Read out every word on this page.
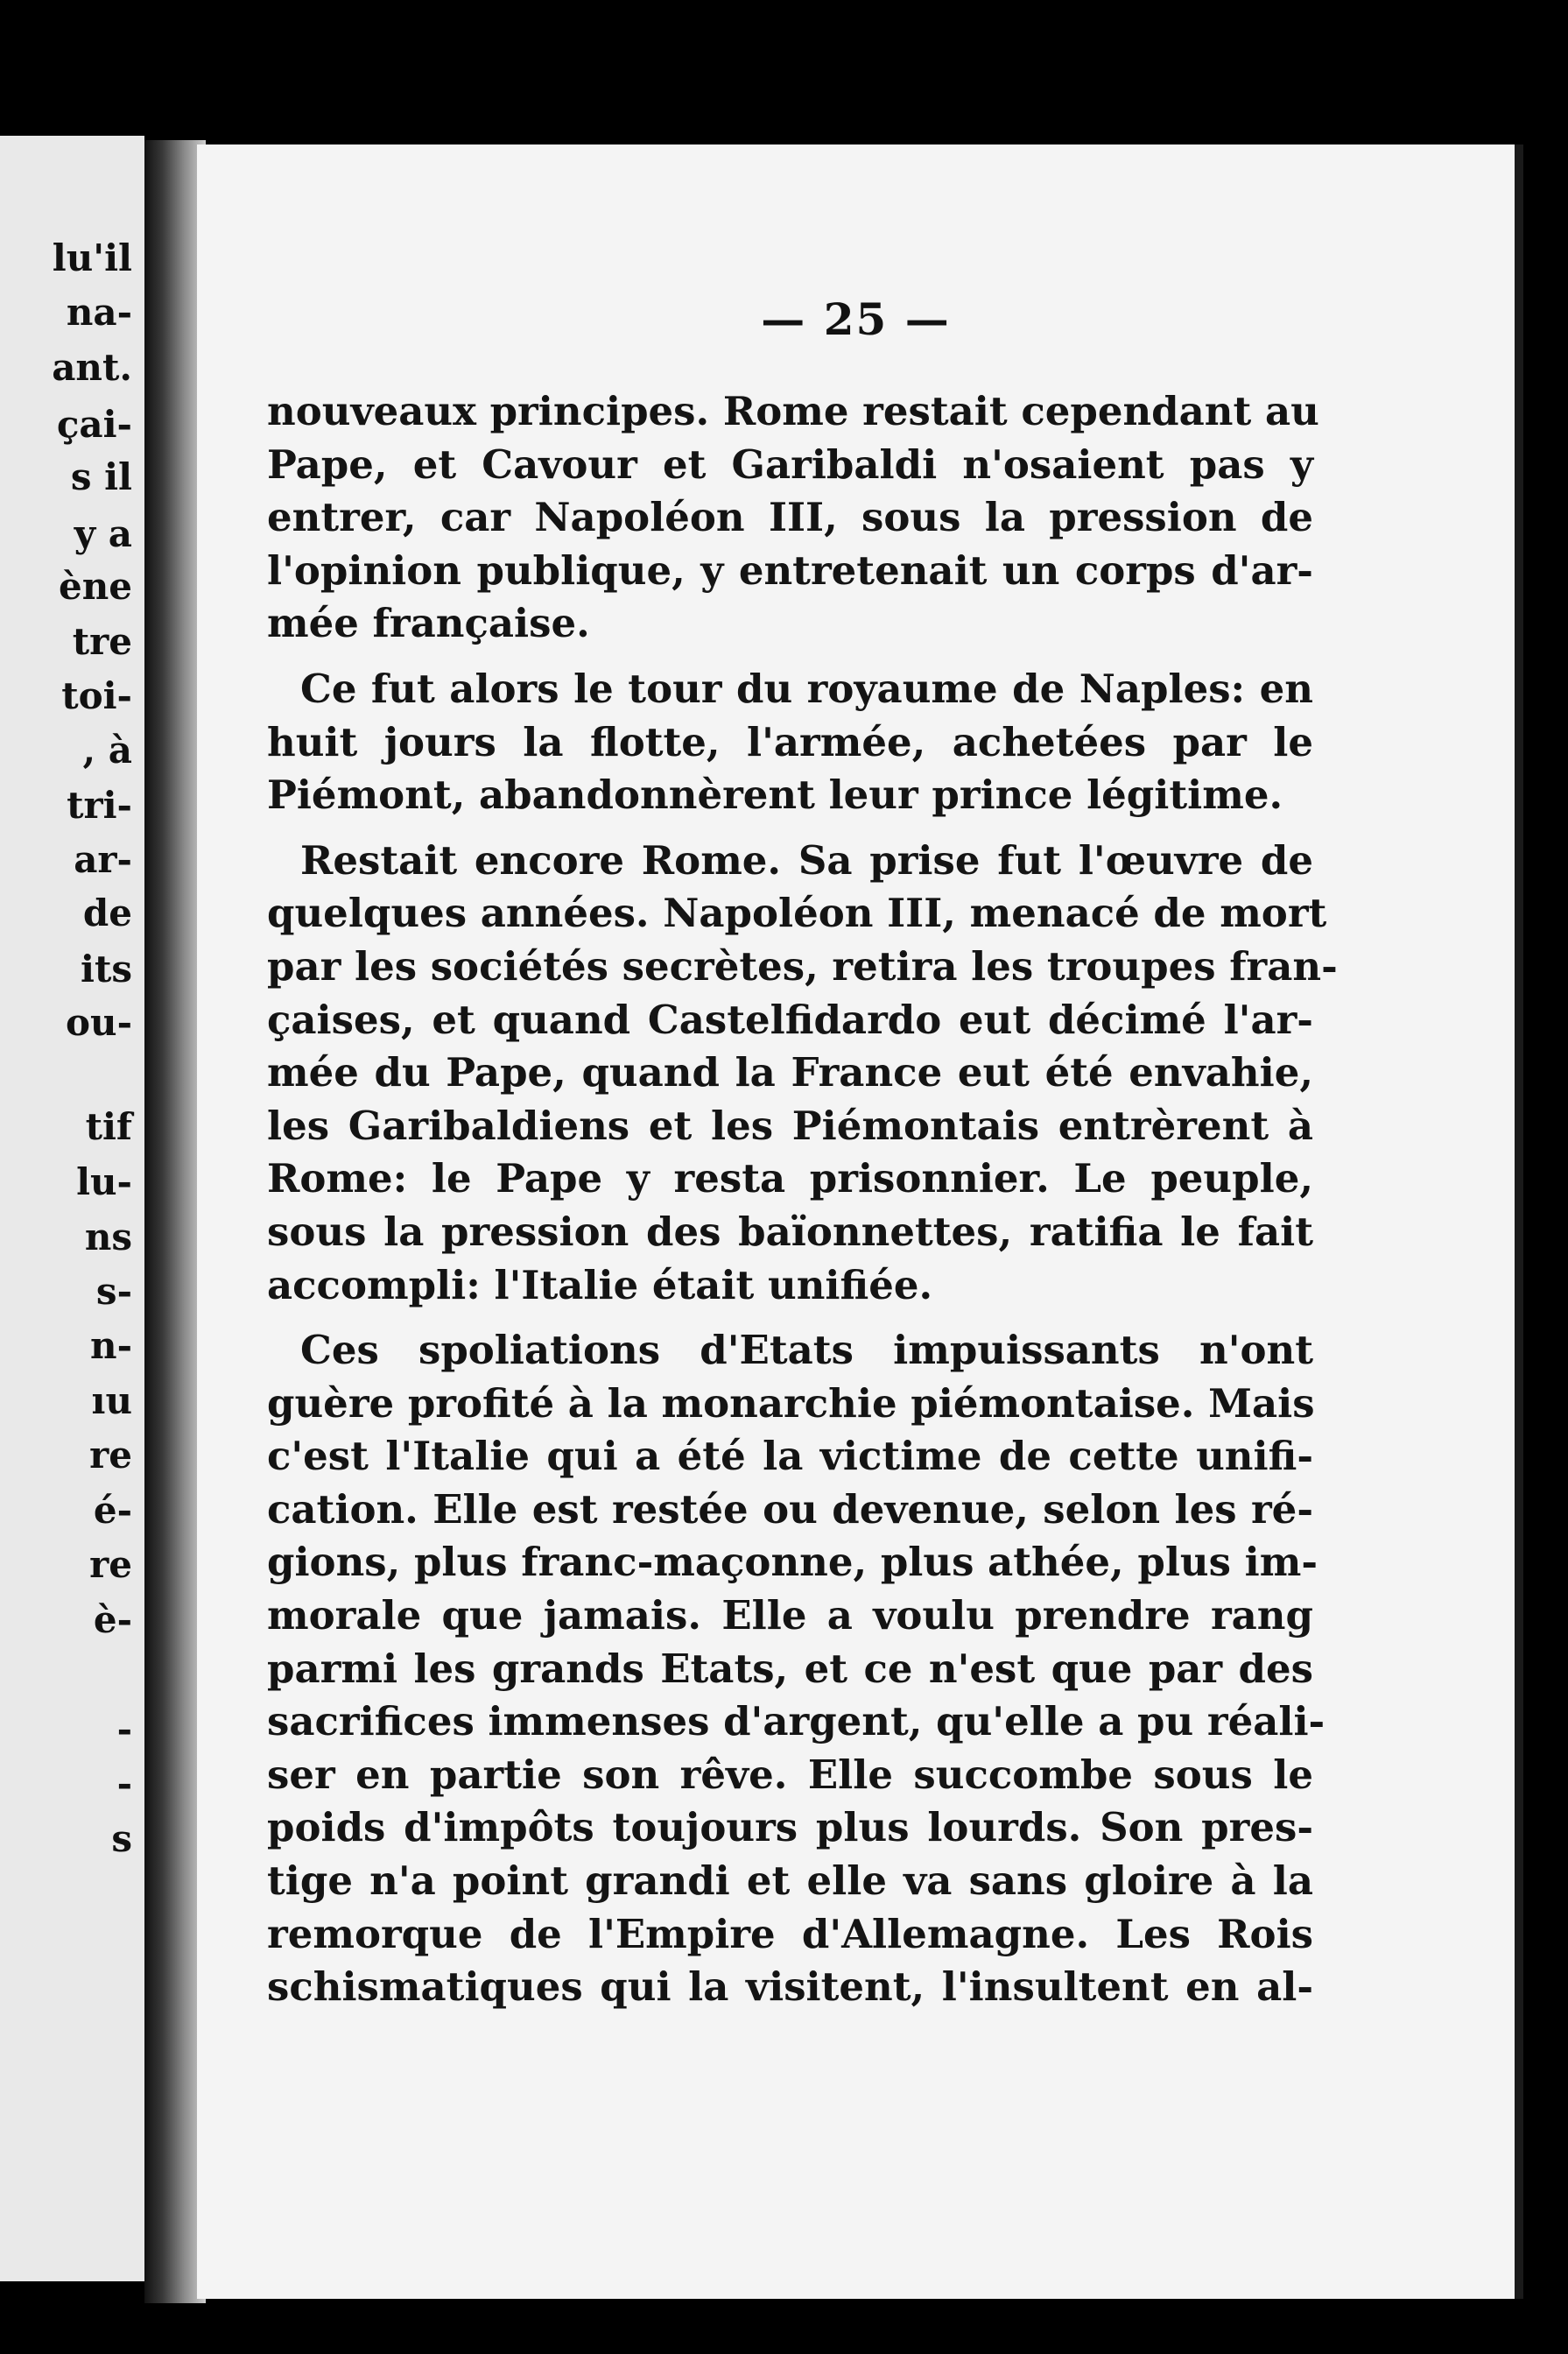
lu'il
na-
ant.
çai-
s il
y a
ène
tre
toi-
, à
tri-
ar-
de
its
ou-
tif
lu-
ns
s-
n-
ıu
re
é-
re
è-
-
-
s
— 25 —
nouveaux principes. Rome restait cependant au
Pape, et Cavour et Garibaldi n'osaient pas y
entrer, car Napoléon III, sous la pression de
l'opinion publique, y entretenait un corps d'ar-
mée française.
Ce fut alors le tour du royaume de Naples: en
huit jours la flotte, l'armée, achetées par le
Piémont, abandonnèrent leur prince légitime.
Restait encore Rome. Sa prise fut l'œuvre de
quelques années. Napoléon III, menacé de mort
par les sociétés secrètes, retira les troupes fran-
çaises, et quand Castelfidardo eut décimé l'ar-
mée du Pape, quand la France eut été envahie,
les Garibaldiens et les Piémontais entrèrent à
Rome: le Pape y resta prisonnier. Le peuple,
sous la pression des baïonnettes, ratifia le fait
accompli: l'Italie était unifiée.
Ces spoliations d'Etats impuissants n'ont
guère profité à la monarchie piémontaise. Mais
c'est l'Italie qui a été la victime de cette unifi-
cation. Elle est restée ou devenue, selon les ré-
gions, plus franc-maçonne, plus athée, plus im-
morale que jamais. Elle a voulu prendre rang
parmi les grands Etats, et ce n'est que par des
sacrifices immenses d'argent, qu'elle a pu réali-
ser en partie son rêve. Elle succombe sous le
poids d'impôts toujours plus lourds. Son pres-
tige n'a point grandi et elle va sans gloire à la
remorque de l'Empire d'Allemagne. Les Rois
schismatiques qui la visitent, l'insultent en al-
